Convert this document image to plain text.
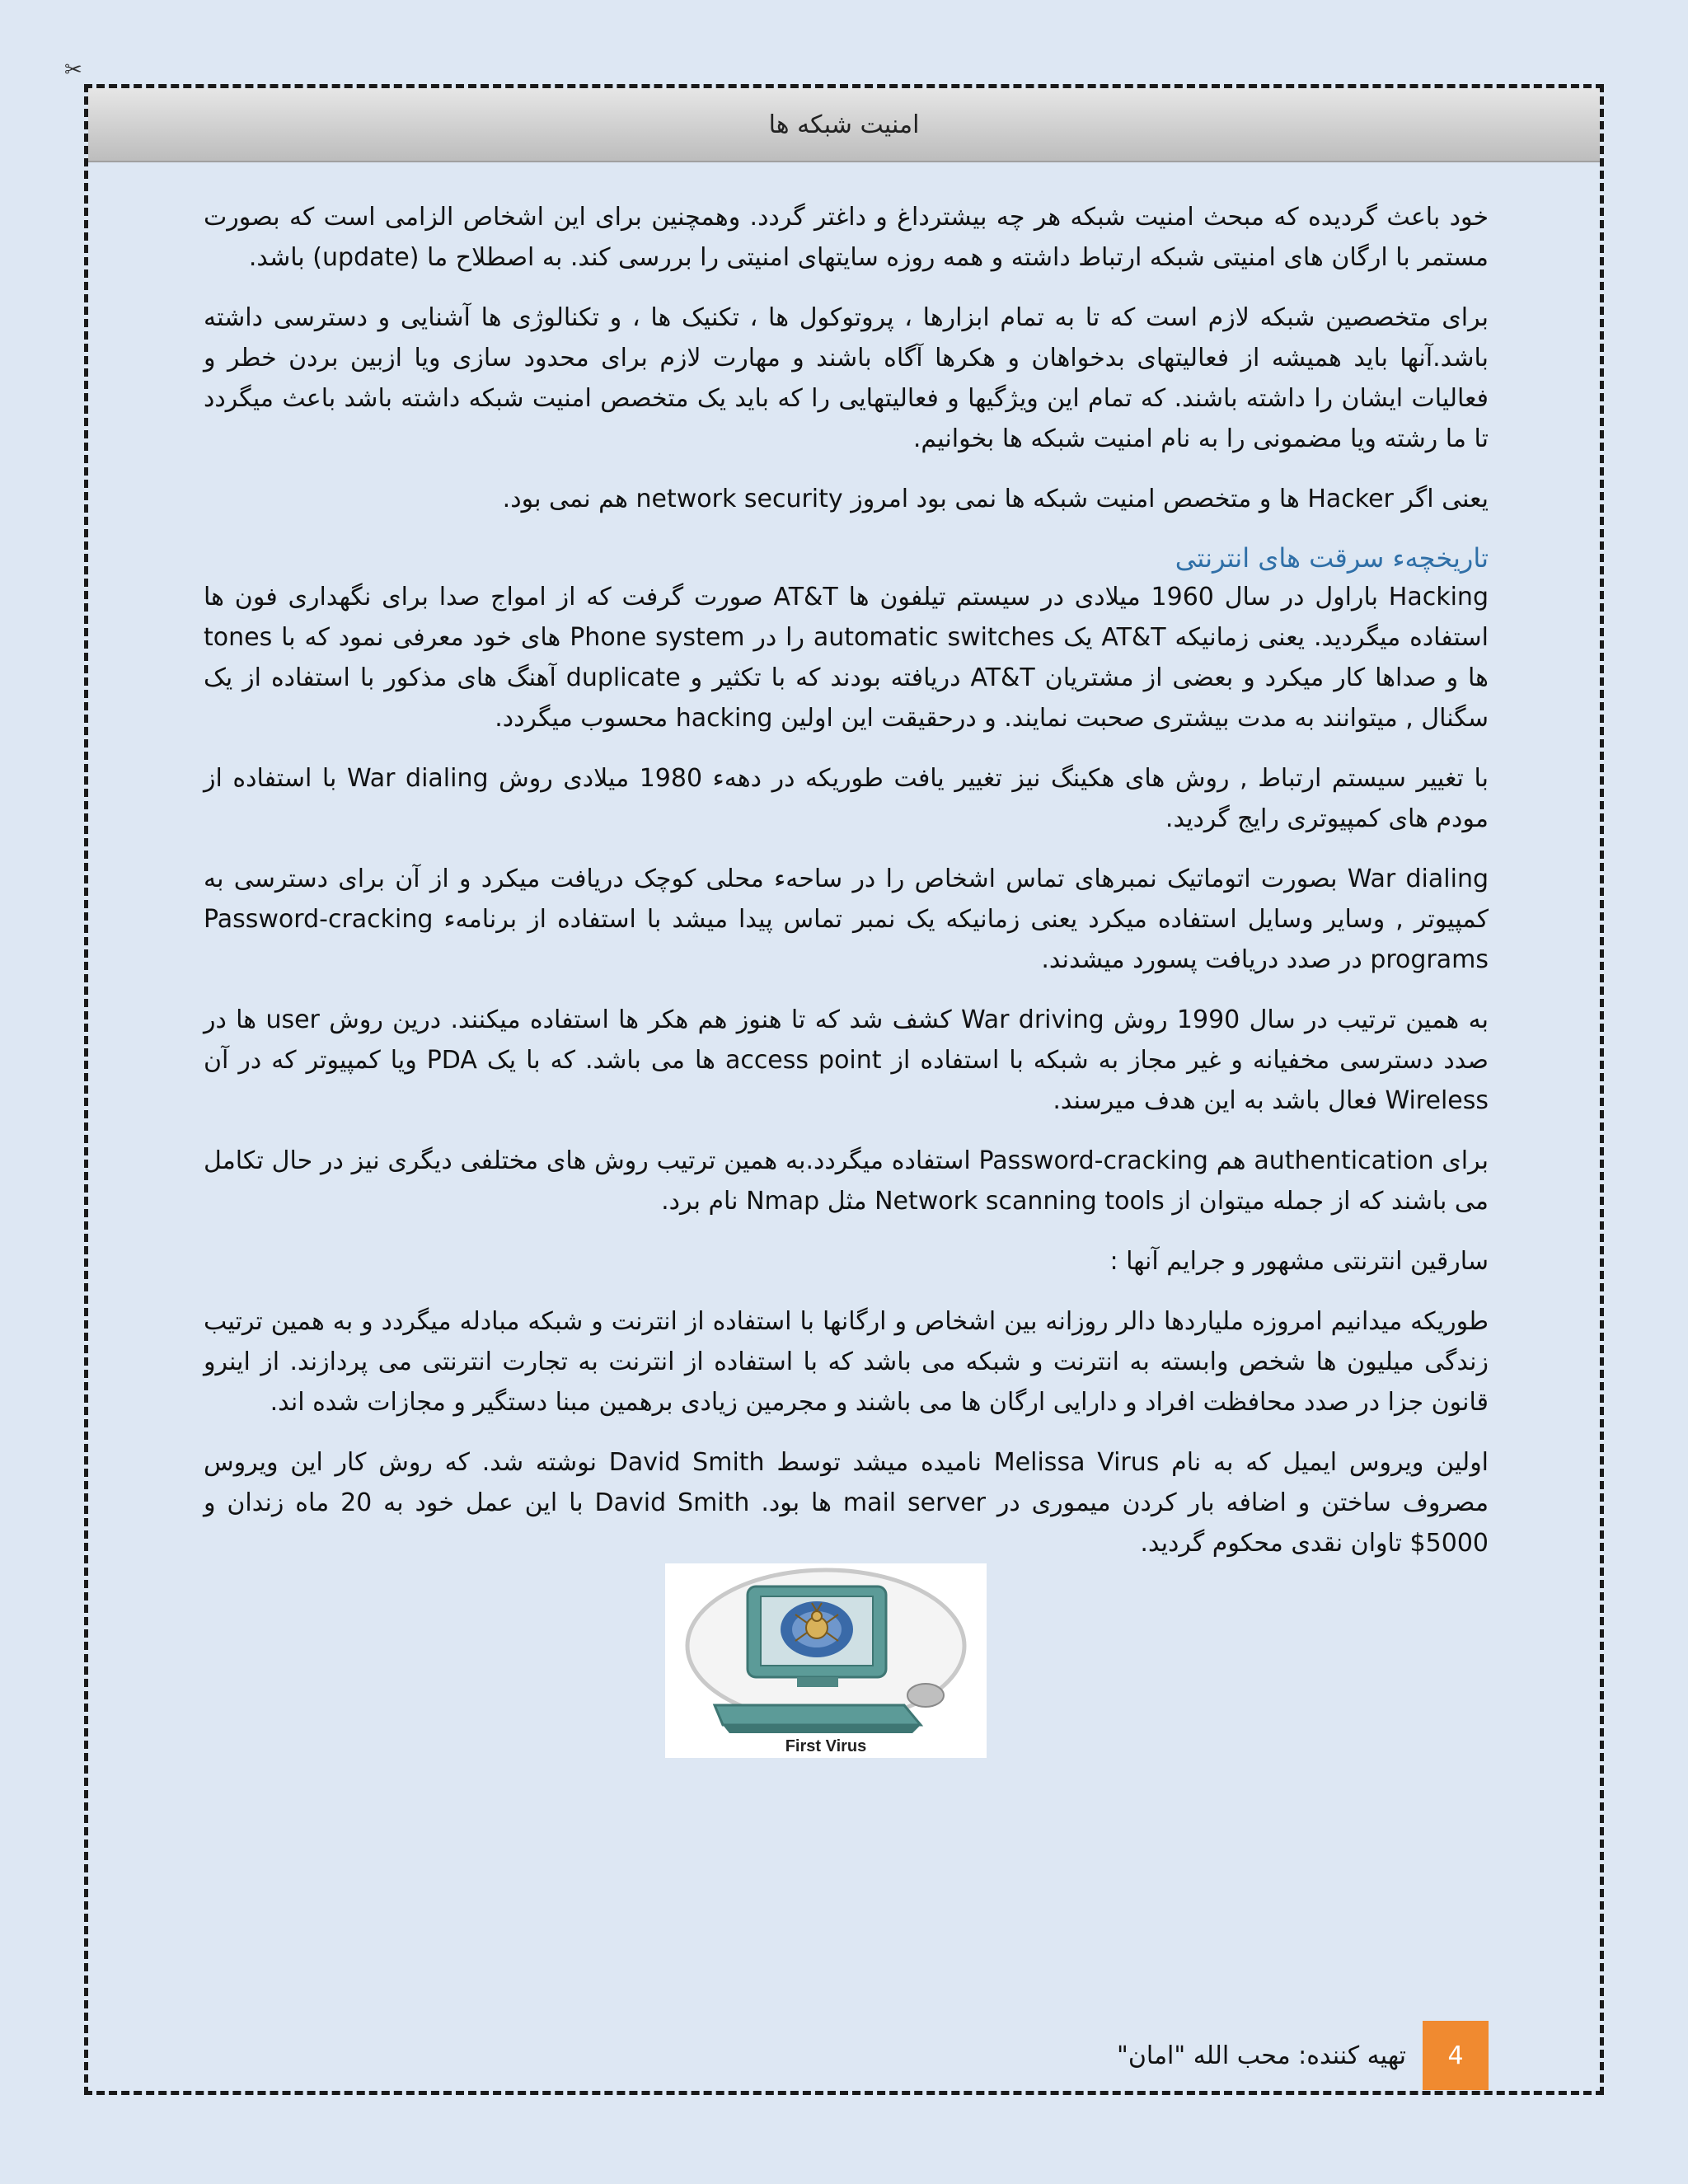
✂
امنیت شبکه ها

خود باعث گردیده که مبحث امنیت شبکه هر چه بیشترداغ و داغتر گردد. وهمچنین برای این اشخاص الزامی است که بصورت مستمر با ارگان های امنیتی شبکه ارتباط داشته و همه روزه سایتهای امنیتی را بررسی کند. به اصطلاح ما (update) باشد.

برای متخصصین شبکه لازم است که تا به تمام ابزارها ، پروتوکول ها ، تکنیک ها ، و تکنالوژی ها آشنایی و دسترسی داشته باشد.آنها باید همیشه از فعالیتهای بدخواهان و هکرها آگاه باشند و مهارت لازم برای محدود سازی ویا ازبین بردن خطر و فعالیات ایشان را داشته باشند. که تمام این ویژگیها و فعالیتهایی را که باید یک متخصص امنیت شبکه داشته باشد باعث میگردد تا ما رشته ویا مضمونی را به نام امنیت شبکه ها بخوانیم.

یعنی اگر Hacker ها و متخصص امنیت شبکه ها نمی بود امروز network security هم نمی بود.

تاریخچهء سرقت های انترنتی

Hacking باراول در سال 1960 میلادی در سیستم تیلفون ها AT&T صورت گرفت که از امواج صدا برای نگهداری فون ها استفاده میگردید. یعنی زمانیکه AT&T یک automatic switches را در Phone system های خود معرفی نمود که با tones ها و صداها کار میکرد و بعضی از مشتریان AT&T دریافته بودند که با تکثیر و duplicate آهنگ های مذکور با استفاده از یک سگنال , میتوانند به مدت بیشتری صحبت نمایند. و درحقیقت این اولین hacking محسوب میگردد.

با تغییر سیستم ارتباط , روش های هکینگ نیز تغییر یافت طوریکه در دههء 1980 میلادی روش War dialing با استفاده از مودم های کمپیوتری رایج گردید.

War dialing بصورت اتوماتیک نمبرهای تماس اشخاص را در ساحهء محلی کوچک دریافت میکرد و از آن برای دسترسی به کمپیوتر , وسایر وسایل استفاده میکرد یعنی زمانیکه یک نمبر تماس پیدا میشد با استفاده از برنامهء Password-cracking programs در صدد دریافت پسورد میشدند.

به همین ترتیب در سال 1990 روش War driving کشف شد که تا هنوز هم هکر ها استفاده میکنند. درین روش user ها در صدد دسترسی مخفیانه و غیر مجاز به شبکه با استفاده از access point ها می باشد. که با یک PDA ویا کمپیوتر که در آن Wireless فعال باشد به این هدف میرسند.

برای authentication هم Password-cracking استفاده میگردد.به همین ترتیب روش های مختلفی دیگری نیز در حال تکامل می باشند که از جمله میتوان از Network scanning tools مثل Nmap نام برد.

سارقین انترنتی مشهور و جرایم آنها :

طوریکه میدانیم امروزه ملیاردها دالر روزانه بین اشخاص و ارگانها با استفاده از انترنت و شبکه مبادله میگردد و به همین ترتیب زندگی میلیون ها شخص وابسته به انترنت و شبکه می باشد که با استفاده از انترنت به تجارت انترنتی می پردازند. از اینرو قانون جزا در صدد محافظت افراد و دارایی ارگان ها می باشند و مجرمین زیادی برهمین مبنا دستگیر و مجازات شده اند.

اولین ویروس ایمیل که به نام Melissa Virus نامیده میشد توسط David Smith نوشته شد. که روش کار این ویروس مصروف ساختن و اضافه بار کردن میموری در mail server ها بود. David Smith با این عمل خود به 20 ماه زندان و 5000$ تاوان نقدی محکوم گردید.

First Virus
4
تهیه کننده: محب الله "امان"
